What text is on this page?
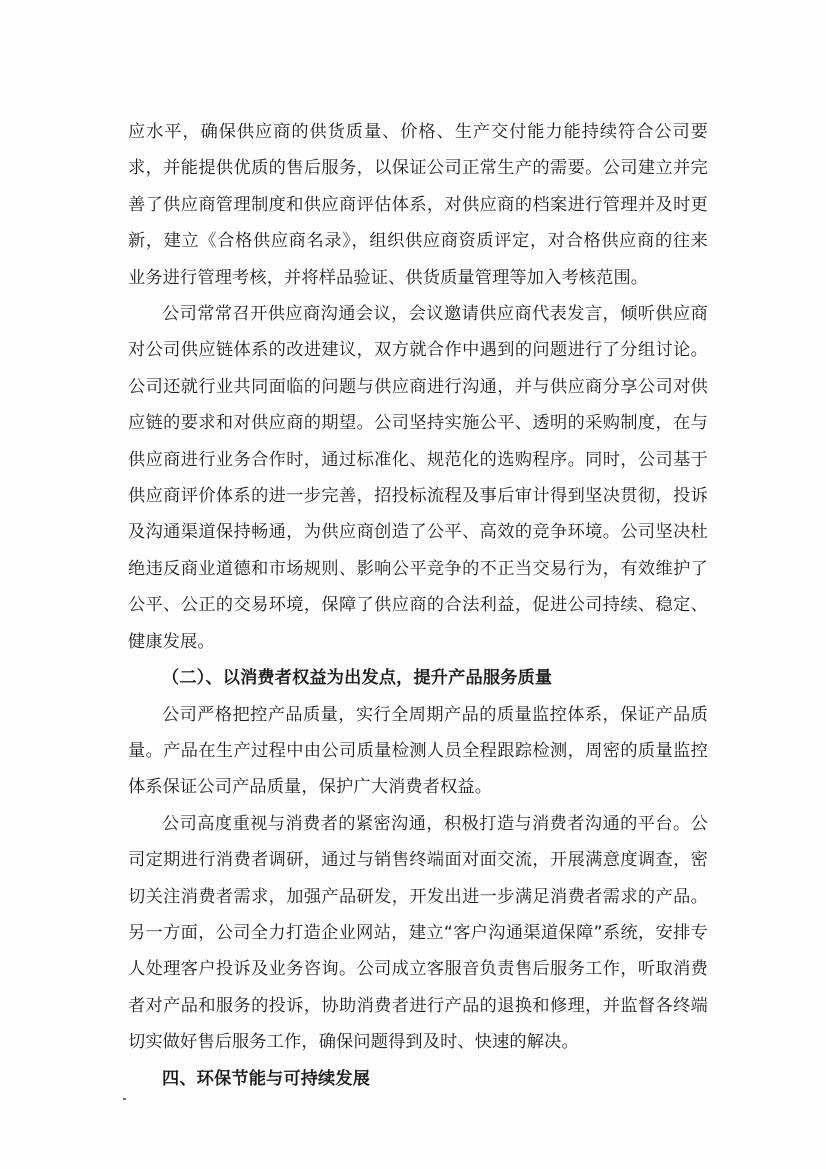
应水平，确保供应商的供货质量、价格、生产交付能力能持续符合公司要求，并能提供优质的售后服务，以保证公司正常生产的需要。公司建立并完善了供应商管理制度和供应商评估体系，对供应商的档案进行管理并及时更新，建立《合格供应商名录》，组织供应商资质评定，对合格供应商的往来业务进行管理考核，并将样品验证、供货质量管理等加入考核范围。

公司常常召开供应商沟通会议，会议邀请供应商代表发言，倾听供应商对公司供应链体系的改进建议，双方就合作中遇到的问题进行了分组讨论。公司还就行业共同面临的问题与供应商进行沟通，并与供应商分享公司对供应链的要求和对供应商的期望。公司坚持实施公平、透明的采购制度，在与供应商进行业务合作时，通过标准化、规范化的选购程序。同时，公司基于供应商评价体系的进一步完善，招投标流程及事后审计得到坚决贯彻，投诉及沟通渠道保持畅通，为供应商创造了公平、高效的竞争环境。公司坚决杜绝违反商业道德和市场规则、影响公平竞争的不正当交易行为，有效维护了公平、公正的交易环境，保障了供应商的合法利益，促进公司持续、稳定、健康发展。

（二）、以消费者权益为出发点，提升产品服务质量

公司严格把控产品质量，实行全周期产品的质量监控体系，保证产品质量。产品在生产过程中由公司质量检测人员全程跟踪检测，周密的质量监控体系保证公司产品质量，保护广大消费者权益。

公司高度重视与消费者的紧密沟通，积极打造与消费者沟通的平台。公司定期进行消费者调研，通过与销售终端面对面交流，开展满意度调查，密切关注消费者需求，加强产品研发，开发出进一步满足消费者需求的产品。另一方面，公司全力打造企业网站，建立“客户沟通渠道保障”系统，安排专人处理客户投诉及业务咨询。公司成立客服音负责售后服务工作，听取消费者对产品和服务的投诉，协助消费者进行产品的退换和修理，并监督各终端切实做好售后服务工作，确保问题得到及时、快速的解决。

四、环保节能与可持续发展
